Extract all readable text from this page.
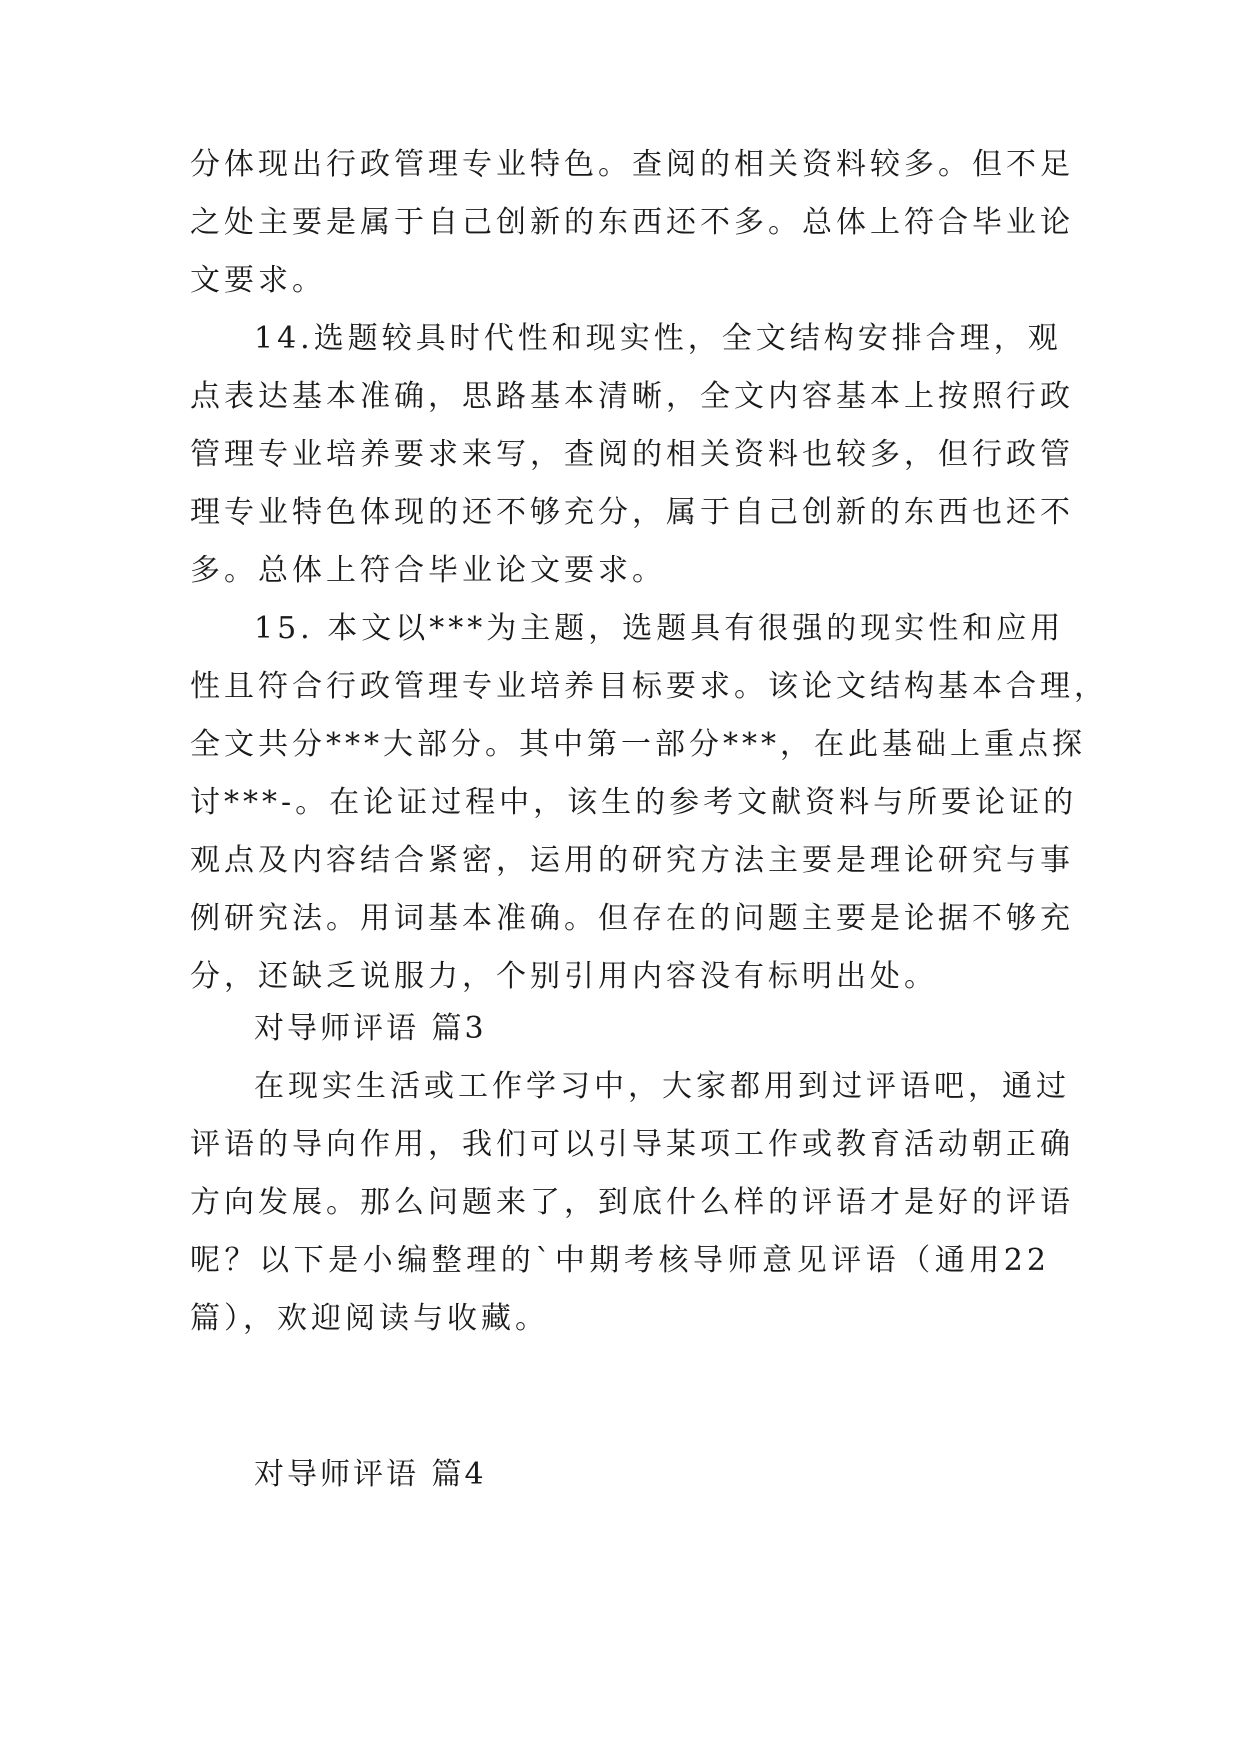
分体现出行政管理专业特色。查阅的相关资料较多。但不足
之处主要是属于自己创新的东西还不多。总体上符合毕业论
文要求。
14.选题较具时代性和现实性，全文结构安排合理，观
点表达基本准确，思路基本清晰，全文内容基本上按照行政
管理专业培养要求来写，查阅的相关资料也较多，但行政管
理专业特色体现的还不够充分，属于自己创新的东西也还不
多。总体上符合毕业论文要求。
15. 本文以***为主题，选题具有很强的现实性和应用
性且符合行政管理专业培养目标要求。该论文结构基本合理，
全文共分***大部分。其中第一部分***，在此基础上重点探
讨***-。在论证过程中，该生的参考文献资料与所要论证的
观点及内容结合紧密，运用的研究方法主要是理论研究与事
例研究法。用词基本准确。但存在的问题主要是论据不够充
分，还缺乏说服力，个别引用内容没有标明出处。
对导师评语 篇3
在现实生活或工作学习中，大家都用到过评语吧，通过
评语的导向作用，我们可以引导某项工作或教育活动朝正确
方向发展。那么问题来了，到底什么样的评语才是好的评语
呢？以下是小编整理的`中期考核导师意见评语（通用22
篇），欢迎阅读与收藏。
对导师评语 篇4
